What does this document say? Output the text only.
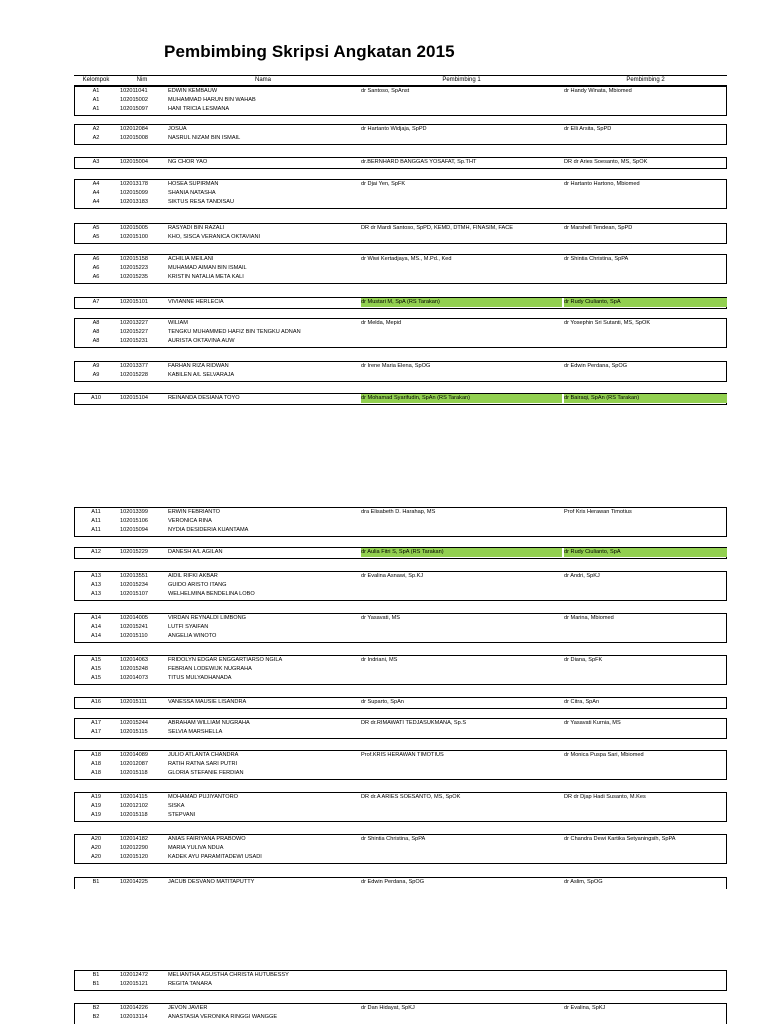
Pembimbing Skripsi Angkatan 2015
Kelompok	Nim	Nama	Pembimbing 1	Pembimbing 2
A1	102011041	EDWIN KEMBAUW	dr Santoso, SpAnst	dr Handy Winata, Mbiomed
A1	102015002	MUHAMMAD HARUN BIN WAHAB
A1	102015097	HANI TRICIA LESMANA
A2	102012084	JOSUA	dr Hartanto Widjaja, SpPD	dr Elli Arsita, SpPD
A2	102015008	NASRUL NIZAM BIN ISMAIL
A3	102015004	NG CHOR YAO	dr.BERNHARD BANGGAS YOSAFAT, Sp.THT	DR dr Aries Soesanto, MS, SpOK
A4	102013178	HOSEA SUPIRMAN	dr Djai Yen, SpFK	dr Hartanto Hartono, Mbiomed
A4	102015099	SHANIA NATASHA
A4	102013183	SIKTUS RESA TANDISAU
A5	102015005	RASYADI BIN RAZALI	DR dr Mardi Santoso, SpPD, KEMD, DTMH, FINASIM, FACE	dr Marshell Tendean, SpPD
A5	102015100	KHO, SISCA VERANICA OKTAVIANI
A6	102015158	ACHILIA MEILANI	dr Wiwi Kertadjaya, MS., M.Pd., Ked	dr Shintia Christina, SpPA
A6	102015223	MUHAMAD AIMAN BIN ISMAIL
A6	102015235	KRISTIN NATALIA META KALI
A7	102015101	VIVIANNE HERLECIA	dr Mustari M, SpA (RS Tarakan)	dr Rudy Ciulianto, SpA
A8	102013227	WILIAM	dr Melda, Mepid	dr Yosephin Sri Sutanti, MS, SpOK
A8	102015227	TENGKU MUHAMMED HAFIZ BIN TENGKU ADNAN
A8	102015231	AURISTA OKTAVINA AUW
A9	102013377	FARHAN RIZA RIDWAN	dr Irene Maria Elena, SpOG	dr Edwin Perdana, SpOG
A9	102015228	KABILEN A/L SELVARAJA
A10	102015104	REINANDA DESIANA TOYO	dr Mohamad Syarifudin, SpAn (RS Tarakan)	dr Bairaqi, SpAn (RS Tarakan)
A11	102013399	ERWIN FEBRIANTO	dra Elisabeth D. Harahap, MS	Prof Kris Herawan Timotius
A11	102015106	VERONICA RINA
A11	102015094	NYDIA DESIDERIA KUANTAMA
A12	102015229	DANESH A/L AGILAN	dr Aulia Fitri S, SpA (RS Tarakan)	dr Rudy Ciulianto, SpA
A13	102013551	AIDIL RIFKI AKBAR	dr Evalina Asnawi, Sp.KJ	dr Andri, SpKJ
A13	102015234	GUIDO ARISTO ITANG
A13	102015107	WELHELMINA BENDELINA LOBO
A14	102014005	VIRDAN REYNALDI LIMBONG	dr Yasavati, MS	dr Marina, Mbiomed
A14	102015241	LUTFI SYAIFAN
A14	102015110	ANGELIA WINOTO
A15	102014063	FRIDOLYN EDGAR ENGGARTIARSO NGILA	dr Indriani, MS	dr Diana, SpFK
A15	102015248	FEBRIAN LODEWIJK NUGRAHA
A15	102014073	TITUS MULYADHANADA
A16	102015111	VANESSA MAUSIE LISANDRA	dr Suparto, SpAn	dr Citra, SpAn
A17	102015244	ABRAHAM WILLIAM NUGRAHA	DR dr.RIMAWATI TEDJASUKMANA, Sp.S	dr Yasavati Kurnia, MS
A17	102015115	SELVIA MARSHELLA
A18	102014089	JULIO ATLANTA CHANDRA	Prof.KRIS HERAWAN TIMOTIUS	dr Monica Puspa Sari, Mbiomed
A18	102012087	RATIH RATNA SARI PUTRI
A18	102015118	GLORIA STEFANIE FERDIAN
A19	102014115	MOHAMAD PUJIYANTORO	DR dr.A ARIES SOESANTO, MS, SpOK	DR dr Djap Hadi Susanto, M.Kes
A19	102012102	SISKA
A19	102015118	STEPVANI
A20	102014182	ANIAS FAIRIYANA PRABOWO	dr Shintia Christina, SpPA	dr Chandra Dewi Kartika Setyaningsih, SpPA
A20	102012290	MARIA YULIVA NDUA
A20	102015120	KADEK AYU PARAMITADEWI USADI
B1	102014225	JACUB DESVANO MATITAPUTTY	dr Edwin Perdana, SpOG	dr Aslim, SpOG
B1	102012472	MELIANTHA AGUSTHA CHRISTA HUTUBESSY
B1	102015121	REGITA TANARA
B2	102014226	JEVON JAVIER	dr Dan Hidayat, SpKJ	dr Evalina, SpKJ
B2	102013114	ANASTASIA VERONIKA RINGGI WANGGE
